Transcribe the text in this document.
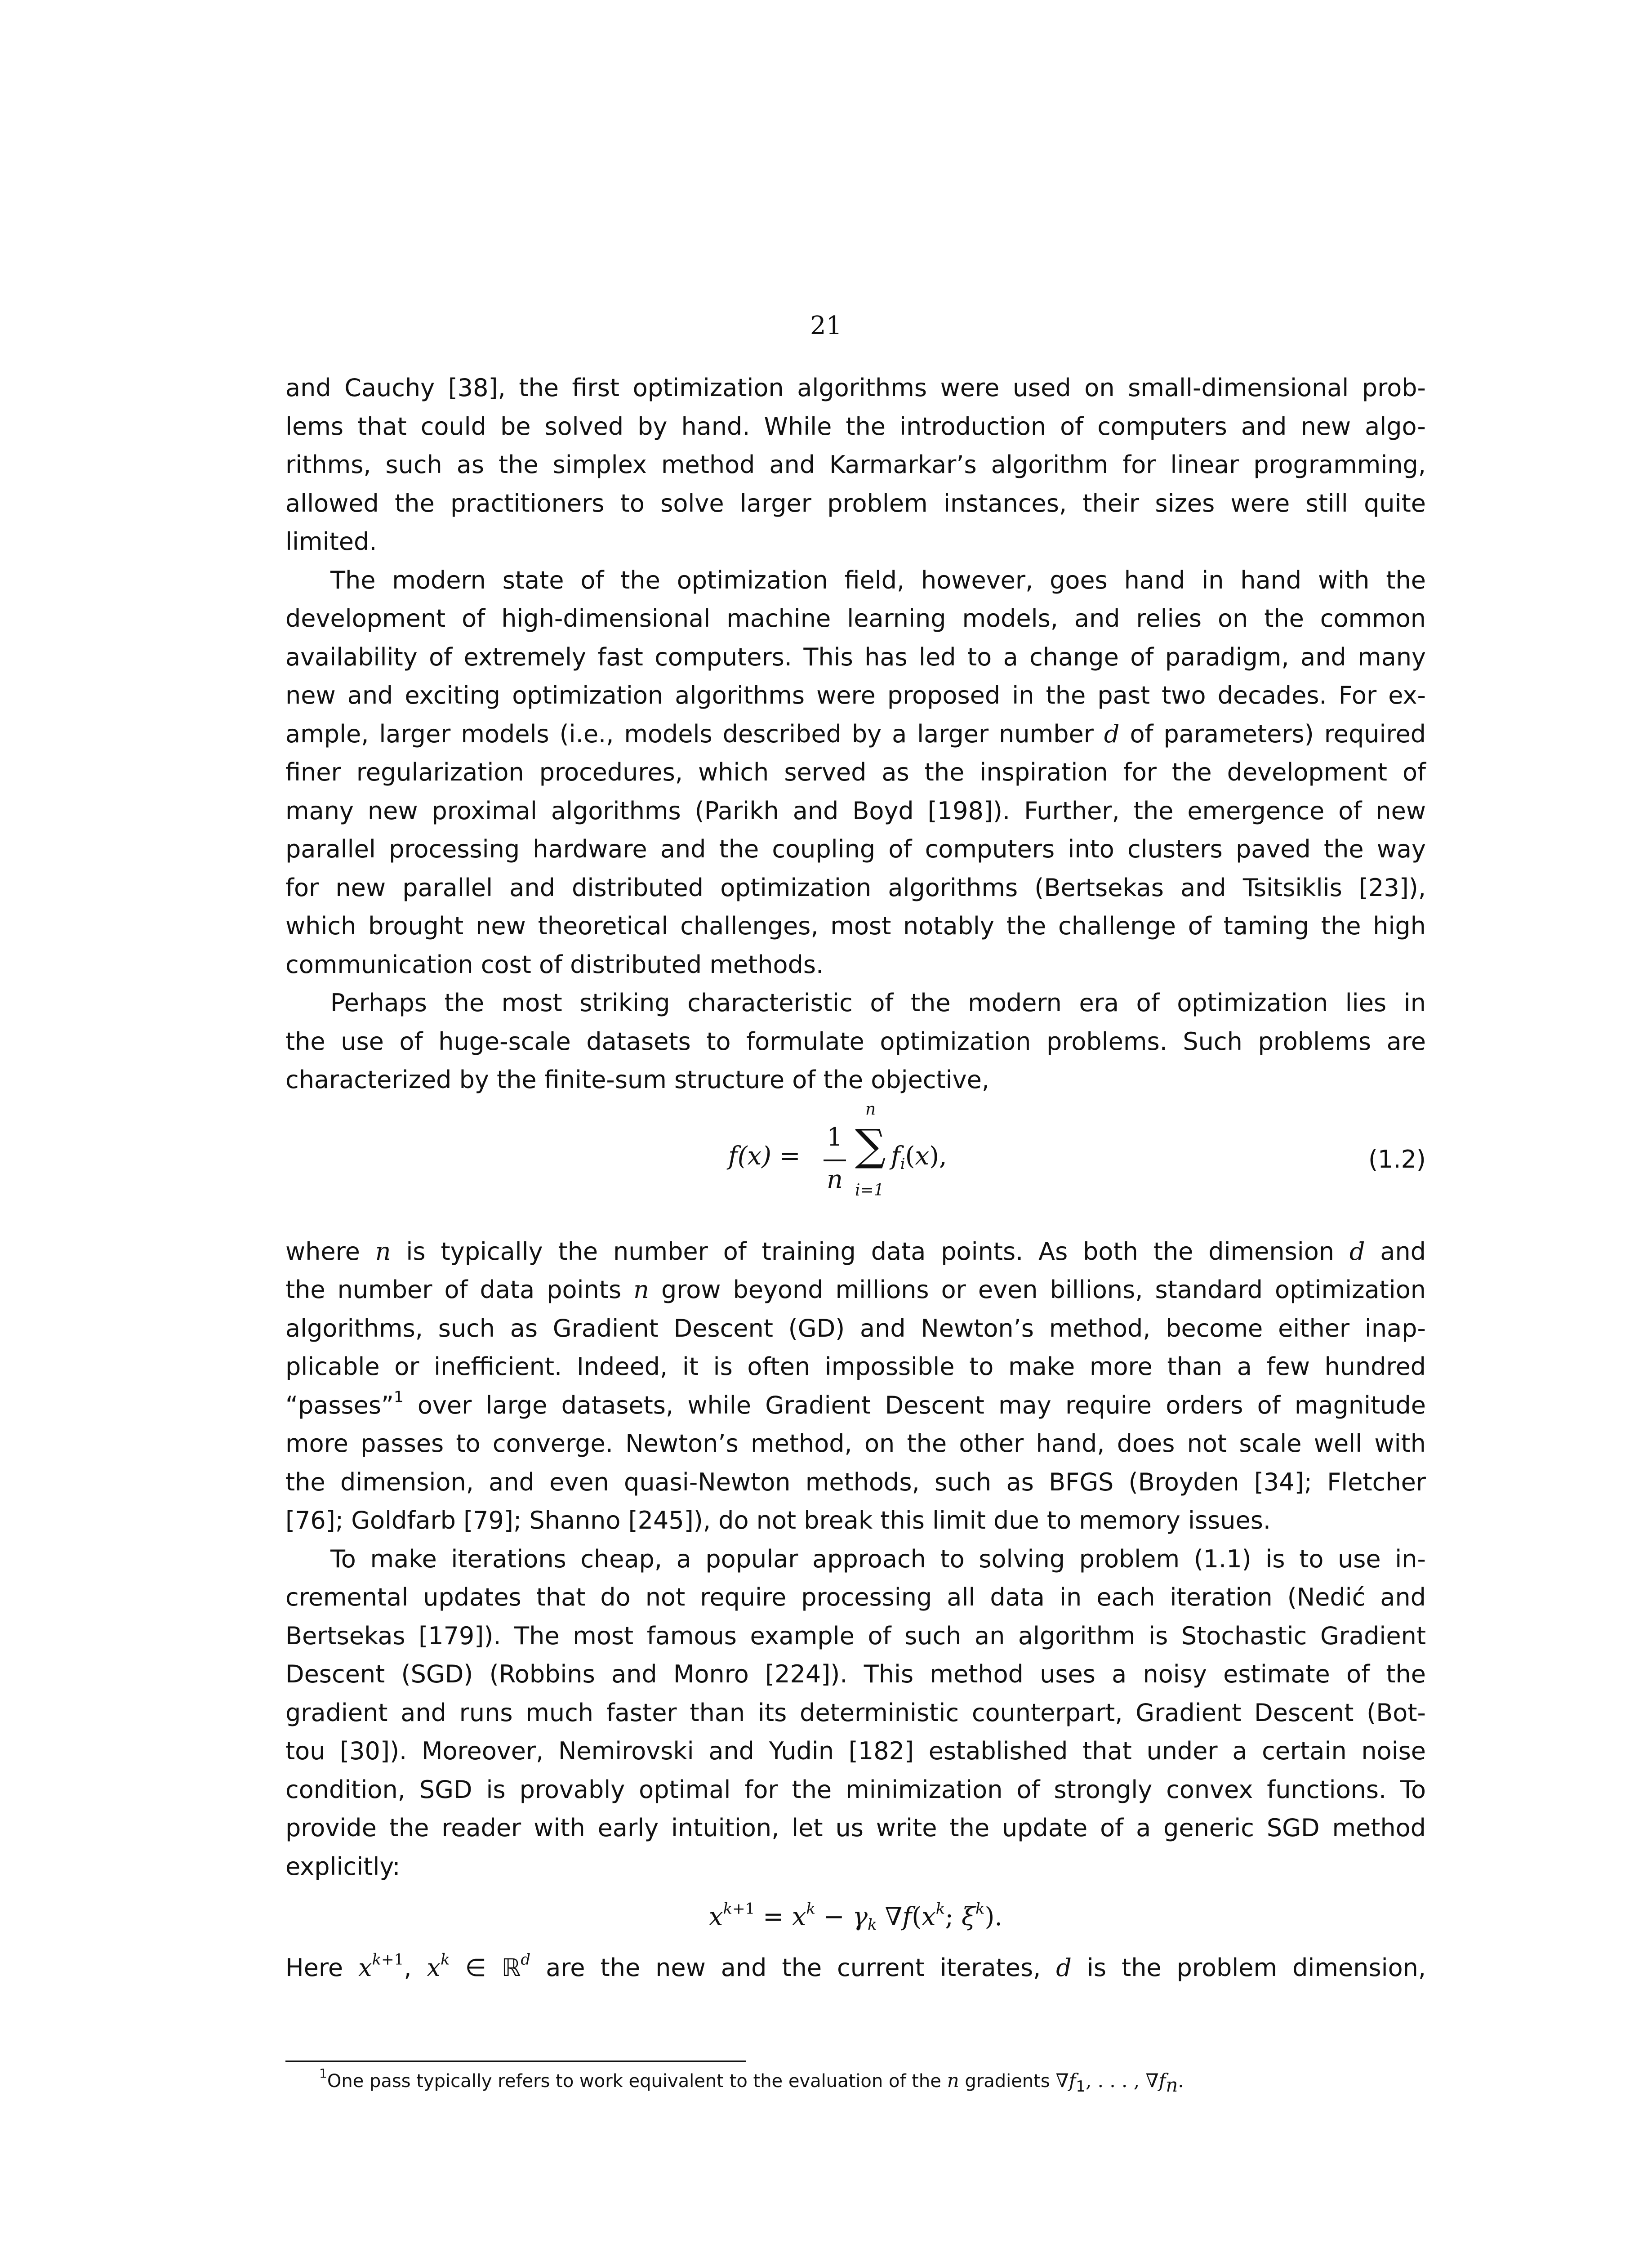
21
and Cauchy [38], the first optimization algorithms were used on small-dimensional prob-
lems that could be solved by hand. While the introduction of computers and new algo-
rithms, such as the simplex method and Karmarkar’s algorithm for linear programming,
allowed the practitioners to solve larger problem instances, their sizes were still quite
limited.
The modern state of the optimization field, however, goes hand in hand with the
development of high-dimensional machine learning models, and relies on the common
availability of extremely fast computers. This has led to a change of paradigm, and many
new and exciting optimization algorithms were proposed in the past two decades. For ex-
ample, larger models (i.e., models described by a larger number d of parameters) required
finer regularization procedures, which served as the inspiration for the development of
many new proximal algorithms (Parikh and Boyd [198]). Further, the emergence of new
parallel processing hardware and the coupling of computers into clusters paved the way
for new parallel and distributed optimization algorithms (Bertsekas and Tsitsiklis [23]),
which brought new theoretical challenges, most notably the challenge of taming the high
communication cost of distributed methods.
Perhaps the most striking characteristic of the modern era of optimization lies in
the use of huge-scale datasets to formulate optimization problems. Such problems are
characterized by the finite-sum structure of the objective,
f(x) =
1
n
n
∑
i=1
$f_i(x)$,	(1.2)
where n is typically the number of training data points. As both the dimension d and
the number of data points n grow beyond millions or even billions, standard optimization
algorithms, such as Gradient Descent (GD) and Newton’s method, become either inap-
plicable or inefficient. Indeed, it is often impossible to make more than a few hundred
“passes”$^1$ over large datasets, while Gradient Descent may require orders of magnitude
more passes to converge. Newton’s method, on the other hand, does not scale well with
the dimension, and even quasi-Newton methods, such as BFGS (Broyden [34]; Fletcher
[76]; Goldfarb [79]; Shanno [245]), do not break this limit due to memory issues.
To make iterations cheap, a popular approach to solving problem (1.1) is to use in-
cremental updates that do not require processing all data in each iteration (Nedić and
Bertsekas [179]). The most famous example of such an algorithm is Stochastic Gradient
Descent (SGD) (Robbins and Monro [224]). This method uses a noisy estimate of the
gradient and runs much faster than its deterministic counterpart, Gradient Descent (Bot-
tou [30]). Moreover, Nemirovski and Yudin [182] established that under a certain noise
condition, SGD is provably optimal for the minimization of strongly convex functions. To
provide the reader with early intuition, let us write the update of a generic SGD method
explicitly:
$x^{k+1} = x^k - \gamma_k$ $\nabla f(x^k$; $\xi^k$).
Here $x^{k+1}$, $x^k$ ∈ ℝ$^d$ are the new and the current iterates, d is the problem dimension,
$^1$One pass typically refers to work equivalent to the evaluation of the n gradients $\nabla f_1$, . . . , $\nabla f_n$.
